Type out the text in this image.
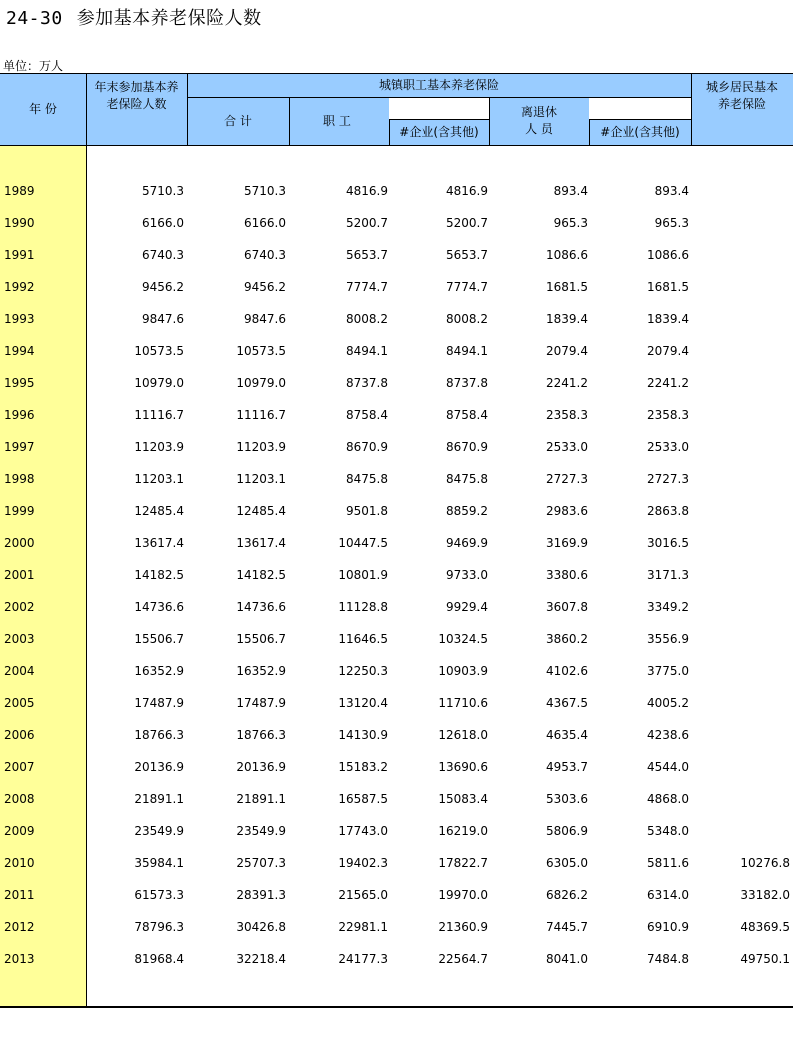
24-30 参加基本养老保险人数
单位：万人
年 份
年末参加基本养老保险人数
城镇职工基本养老保险
合 计	职 工
#企业(含其他)
离退休人 员	#企业(含其他)
城乡居民基本养老保险
1989	5710.3	5710.3	4816.9	4816.9	893.4	893.4
1990	6166.0	6166.0	5200.7	5200.7	965.3	965.3
1991	6740.3	6740.3	5653.7	5653.7	1086.6	1086.6
1992	9456.2	9456.2	7774.7	7774.7	1681.5	1681.5
1993	9847.6	9847.6	8008.2	8008.2	1839.4	1839.4
1994	10573.5	10573.5	8494.1	8494.1	2079.4	2079.4
1995	10979.0	10979.0	8737.8	8737.8	2241.2	2241.2
1996	11116.7	11116.7	8758.4	8758.4	2358.3	2358.3
1997	11203.9	11203.9	8670.9	8670.9	2533.0	2533.0
1998	11203.1	11203.1	8475.8	8475.8	2727.3	2727.3
1999	12485.4	12485.4	9501.8	8859.2	2983.6	2863.8
2000	13617.4	13617.4	10447.5	9469.9	3169.9	3016.5
2001	14182.5	14182.5	10801.9	9733.0	3380.6	3171.3
2002	14736.6	14736.6	11128.8	9929.4	3607.8	3349.2
2003	15506.7	15506.7	11646.5	10324.5	3860.2	3556.9
2004	16352.9	16352.9	12250.3	10903.9	4102.6	3775.0
2005	17487.9	17487.9	13120.4	11710.6	4367.5	4005.2
2006	18766.3	18766.3	14130.9	12618.0	4635.4	4238.6
2007	20136.9	20136.9	15183.2	13690.6	4953.7	4544.0
2008	21891.1	21891.1	16587.5	15083.4	5303.6	4868.0
2009	23549.9	23549.9	17743.0	16219.0	5806.9	5348.0
2010	35984.1	25707.3	19402.3	17822.7	6305.0	5811.6	10276.8
2011	61573.3	28391.3	21565.0	19970.0	6826.2	6314.0	33182.0
2012	78796.3	30426.8	22981.1	21360.9	7445.7	6910.9	48369.5
2013	81968.4	32218.4	24177.3	22564.7	8041.0	7484.8	49750.1
